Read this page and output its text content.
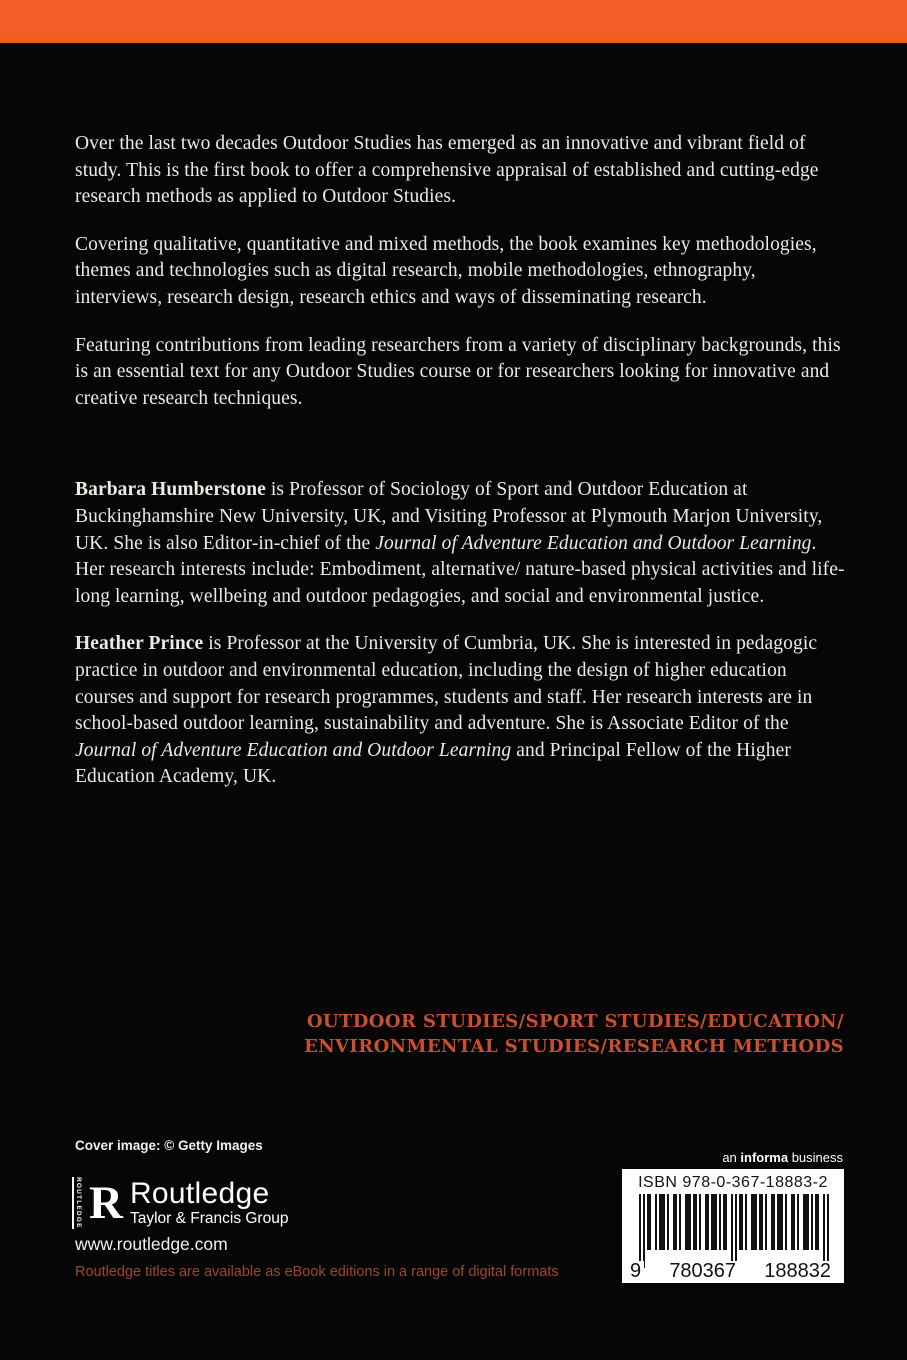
Over the last two decades Outdoor Studies has emerged as an innovative and vibrant field of study. This is the first book to offer a comprehensive appraisal of established and cutting-edge research methods as applied to Outdoor Studies.

Covering qualitative, quantitative and mixed methods, the book examines key methodologies, themes and technologies such as digital research, mobile methodologies, ethnography, interviews, research design, research ethics and ways of disseminating research.

Featuring contributions from leading researchers from a variety of disciplinary backgrounds, this is an essential text for any Outdoor Studies course or for researchers looking for innovative and creative research techniques.

Barbara Humberstone is Professor of Sociology of Sport and Outdoor Education at Buckinghamshire New University, UK, and Visiting Professor at Plymouth Marjon University, UK. She is also Editor-in-chief of the Journal of Adventure Education and Outdoor Learning. Her research interests include: Embodiment, alternative/ nature-based physical activities and life-long learning, wellbeing and outdoor pedagogies, and social and environmental justice.

Heather Prince is Professor at the University of Cumbria, UK. She is interested in pedagogic practice in outdoor and environmental education, including the design of higher education courses and support for research programmes, students and staff. Her research interests are in school-based outdoor learning, sustainability and adventure. She is Associate Editor of the Journal of Adventure Education and Outdoor Learning and Principal Fellow of the Higher Education Academy, UK.

OUTDOOR STUDIES/SPORT STUDIES/EDUCATION/
ENVIRONMENTAL STUDIES/RESEARCH METHODS
Cover image: © Getty Images
an informa business
ROUTLEDGE R Routledge
Taylor & Francis Group
www.routledge.com
Routledge titles are available as eBook editions in a range of digital formats
ISBN 978-0-367-18883-2
9 780367 188832
